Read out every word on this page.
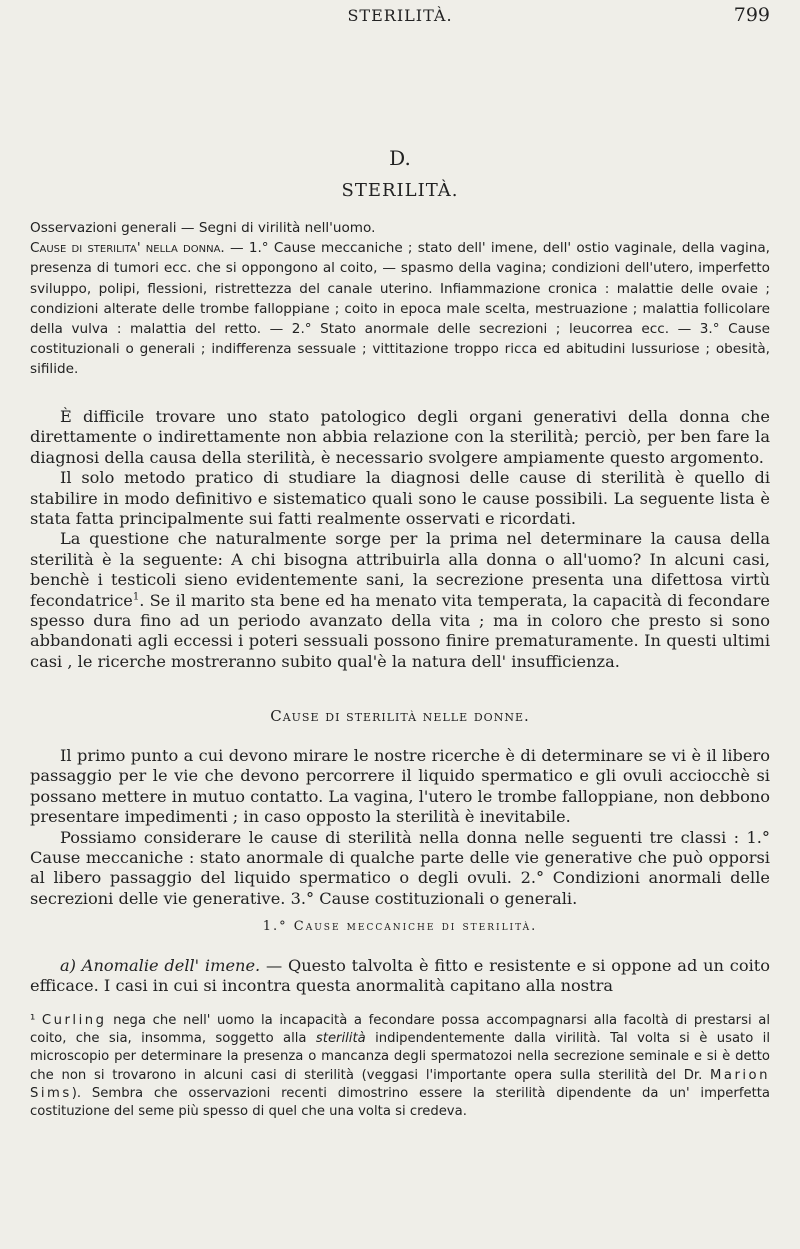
STERILITÀ.	799
D.
STERILITÀ.

Osservazioni generali — Segni di virilità nell'uomo.
Cause di sterilita' nella donna. — 1.° Cause meccaniche ; stato dell' imene, dell' ostio vaginale, della vagina, presenza di tumori ecc. che si oppongono al coito, — spasmo della vagina; condizioni dell'utero, imperfetto sviluppo, polipi, flessioni, ristrettezza del canale uterino. Infiammazione cronica : malattie delle ovaie ; condizioni alterate delle trombe falloppiane ; coito in epoca male scelta, mestruazione ; malattia follicolare della vulva : malattia del retto. — 2.° Stato anormale delle secrezioni ; leucorrea ecc. — 3.° Cause costituzionali o generali ; indifferenza sessuale ; vittitazione troppo ricca ed abitudini lussuriose ; obesità, sifilide.

È difficile trovare uno stato patologico degli organi generativi della donna che direttamente o indirettamente non abbia relazione con la sterilità; perciò, per ben fare la diagnosi della causa della sterilità, è necessario svolgere ampiamente questo argomento.
Il solo metodo pratico di studiare la diagnosi delle cause di sterilità è quello di stabilire in modo definitivo e sistematico quali sono le cause possibili. La seguente lista è stata fatta principalmente sui fatti realmente osservati e ricordati.
La questione che naturalmente sorge per la prima nel determinare la causa della sterilità è la seguente: A chi bisogna attribuirla alla donna o all'uomo? In alcuni casi, benchè i testicoli sieno evidentemente sani, la secrezione presenta una difettosa virtù fecondatrice$^1$. Se il marito sta bene ed ha menato vita temperata, la capacità di fecondare spesso dura fino ad un periodo avanzato della vita ; ma in coloro che presto si sono abbandonati agli eccessi i poteri sessuali possono finire prematuramente. In questi ultimi casi , le ricerche mostreranno subito qual'è la natura dell' insufficienza.
Cause di sterilità nelle donne.
Il primo punto a cui devono mirare le nostre ricerche è di determinare se vi è il libero passaggio per le vie che devono percorrere il liquido spermatico e gli ovuli acciocchè si possano mettere in mutuo contatto. La vagina, l'utero le trombe falloppiane, non debbono presentare impedimenti ; in caso opposto la sterilità è inevitabile.
Possiamo considerare le cause di sterilità nella donna nelle seguenti tre classi : 1.° Cause meccaniche : stato anormale di qualche parte delle vie generative che può opporsi al libero passaggio del liquido spermatico o degli ovuli. 2.° Condizioni anormali delle secrezioni delle vie generative. 3.° Cause costituzionali o generali.
1.° Cause meccaniche di sterilità.
a) Anomalie dell' imene. — Questo talvolta è fitto e resistente e si oppone ad un coito efficace. I casi in cui si incontra questa anormalità capitano alla nostra

¹ Curling nega che nell' uomo la incapacità a fecondare possa accompagnarsi alla facoltà di prestarsi al coito, che sia, insomma, soggetto alla sterilità indipendentemente dalla virilità. Tal volta si è usato il microscopio per determinare la presenza o mancanza degli spermatozoi nella secrezione seminale e si è detto che non si trovarono in alcuni casi di sterilità (veggasi l'importante opera sulla sterilità del Dr. Marion Sims). Sembra che osservazioni recenti dimostrino essere la sterilità dipendente da un' imperfetta costituzione del seme più spesso di quel che una volta si credeva.
